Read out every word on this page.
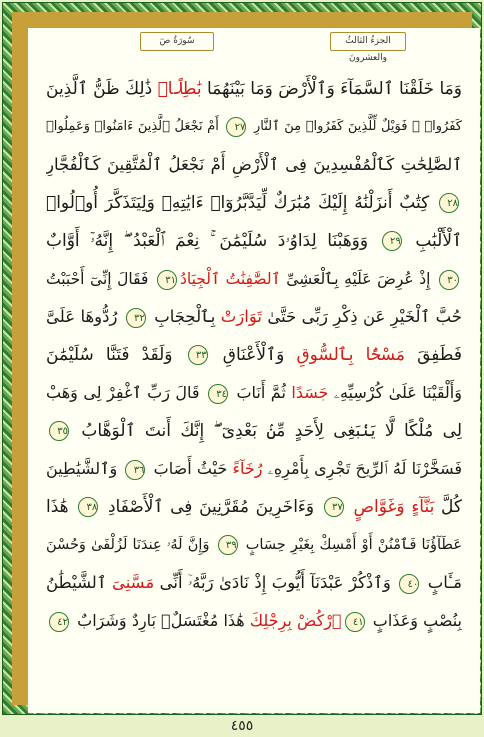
سُورَةُ صٓ	الجزءُ الثالثُ والعشرونَ
وَمَا خَلَقْنَا ٱلسَّمَآءَ وَٱلْأَرْضَ وَمَا بَيْنَهُمَا بَٰطِلًاۚ ذَٰلِكَ ظَنُّ ٱلَّذِينَ
كَفَرُوا۟ ۚ فَوَيْلٌ لِّلَّذِينَ كَفَرُوا۟ مِنَ ٱلنَّارِ ٢٧ أَمْ نَجْعَلُ ٱلَّذِينَ ءَامَنُوا۟ وَعَمِلُوا۟
ٱلصَّٰلِحَٰتِ كَٱلْمُفْسِدِينَ فِى ٱلْأَرْضِ أَمْ نَجْعَلُ ٱلْمُتَّقِينَ كَٱلْفُجَّارِ
٢٨ كِتَٰبٌ أَنزَلْنَٰهُ إِلَيْكَ مُبَٰرَكٌ لِّيَدَّبَّرُوٓا۟ ءَايَٰتِهِۦ وَلِيَتَذَكَّرَ أُو۟لُوا۟
ٱلْأَلْبَٰبِ ٢٩ وَوَهَبْنَا لِدَاوُۥدَ سُلَيْمَٰنَ ۚ نِعْمَ ٱلْعَبْدُ ۖ إِنَّهُۥٓ أَوَّابٌ
٣٠ إِذْ عُرِضَ عَلَيْهِ بِٱلْعَشِىِّ ٱلصَّٰفِنَٰتُ ٱلْجِيَادُ٣١ فَقَالَ إِنِّىٓ أَحْبَبْتُ
حُبَّ ٱلْخَيْرِ عَن ذِكْرِ رَبِّى حَتَّىٰ تَوَارَتْ بِٱلْحِجَابِ ٣٢ رُدُّوهَا عَلَىَّ
فَطَفِقَ مَسْحًۢا بِٱلسُّوقِ وَٱلْأَعْنَاقِ ٣٣ وَلَقَدْ فَتَنَّا سُلَيْمَٰنَ
وَأَلْقَيْنَا عَلَىٰ كُرْسِيِّهِۦ جَسَدًا ثُمَّ أَنَابَ ٣٤ قَالَ رَبِّ ٱغْفِرْ لِى وَهَبْ
لِى مُلْكًا لَّا يَنۢبَغِى لِأَحَدٍ مِّنۢ بَعْدِىٓ ۖ إِنَّكَ أَنتَ ٱلْوَهَّابُ ٣٥
فَسَخَّرْنَا لَهُ ٱلرِّيحَ تَجْرِى بِأَمْرِهِۦ رُخَآءً حَيْثُ أَصَابَ ٣٦ وَٱلشَّيَٰطِينَ
كُلَّ بَنَّآءٍ وَغَوَّاصٍ ٣٧ وَءَاخَرِينَ مُقَرَّنِينَ فِى ٱلْأَصْفَادِ ٣٨ هَٰذَا
عَطَآؤُنَا فَٱمْنُنْ أَوْ أَمْسِكْ بِغَيْرِ حِسَابٍ ٣٩ وَإِنَّ لَهُۥ عِندَنَا لَزُلْفَىٰ وَحُسْنَ
مَـَٔابٍ ٤٠ وَٱذْكُرْ عَبْدَنَآ أَيُّوبَ إِذْ نَادَىٰ رَبَّهُۥٓ أَنِّى مَسَّنِىَ ٱلشَّيْطَٰنُ
بِنُصْبٍ وَعَذَابٍ ٤١ٱرْكُضْ بِرِجْلِكَ هَٰذَا مُغْتَسَلٌۢ بَارِدٌ وَشَرَابٌ ٤٢
٤٥٥
